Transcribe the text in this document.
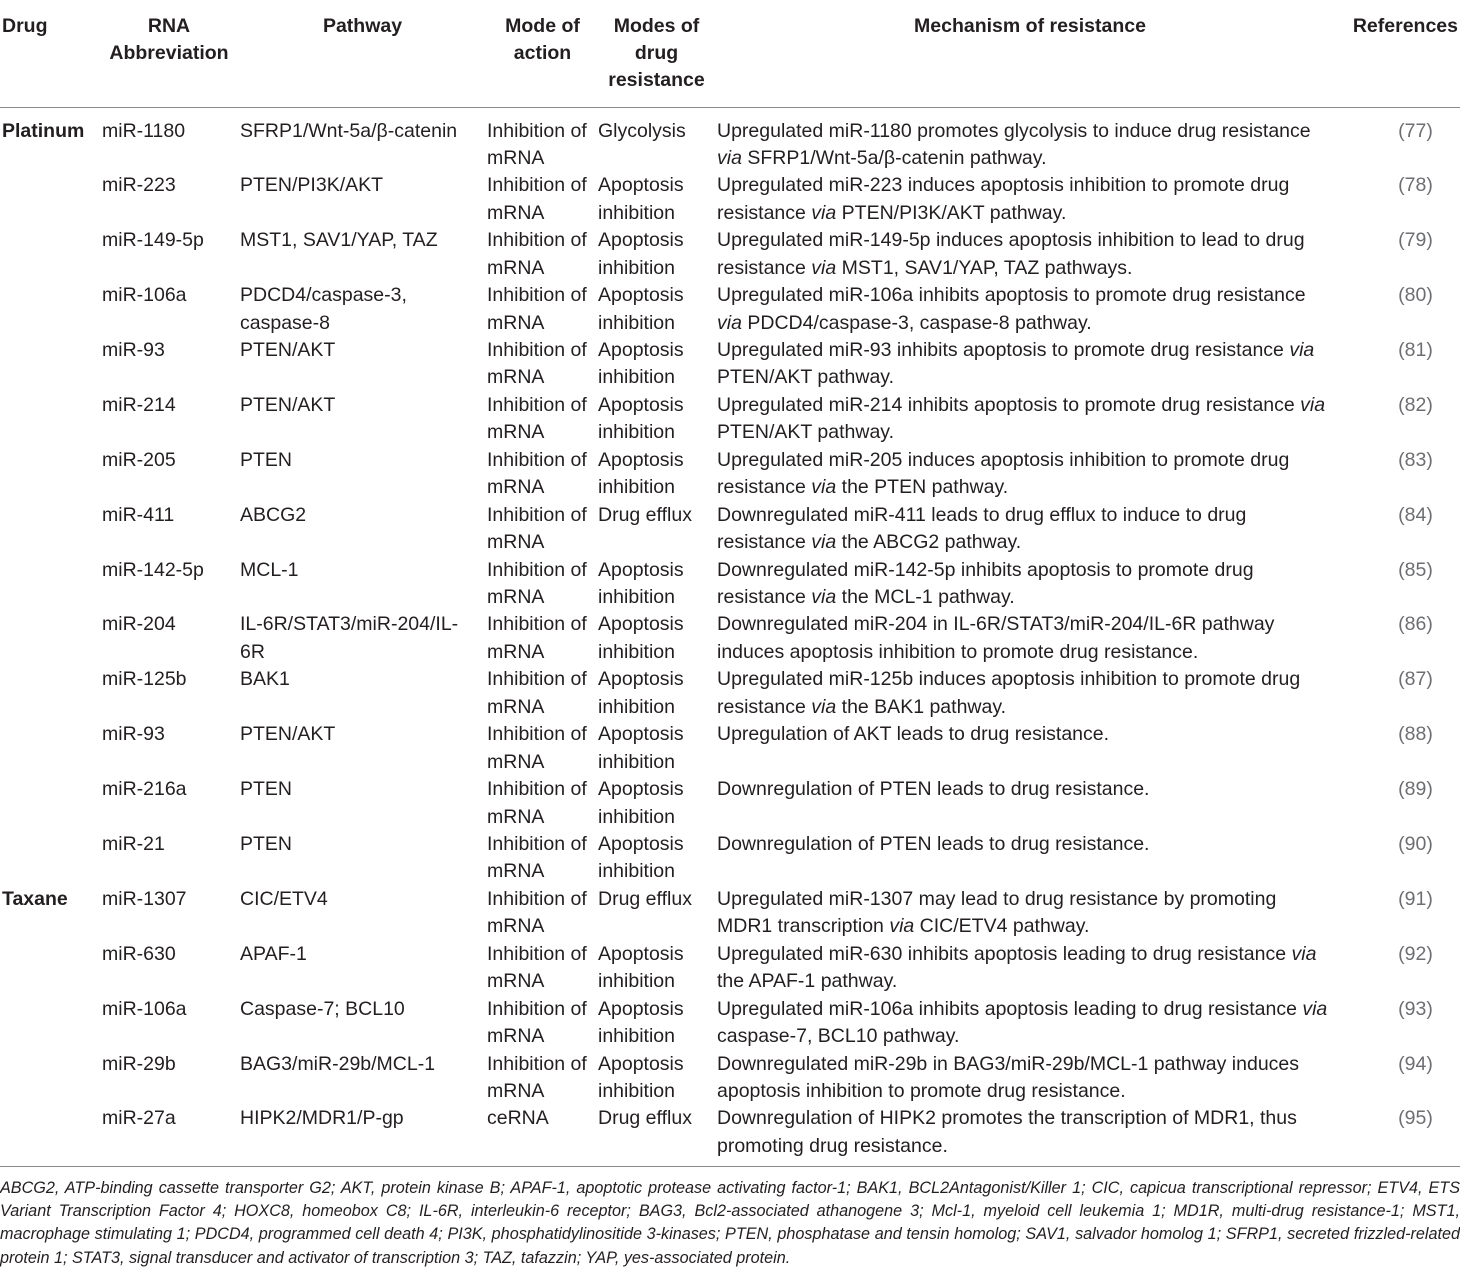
Drug	RNA Abbreviation	Pathway	Mode of action	Modes of drug resistance	Mechanism of resistance	References
Platinum	miR-1180	SFRP1/Wnt-5a/β-catenin	Inhibition of mRNA	Glycolysis	Upregulated miR-1180 promotes glycolysis to induce drug resistance via SFRP1/Wnt-5a/β-catenin pathway.	(77)
	miR-223	PTEN/PI3K/AKT	Inhibition of mRNA	Apoptosis inhibition	Upregulated miR-223 induces apoptosis inhibition to promote drug resistance via PTEN/PI3K/AKT pathway.	(78)
	miR-149-5p	MST1, SAV1/YAP, TAZ	Inhibition of mRNA	Apoptosis inhibition	Upregulated miR-149-5p induces apoptosis inhibition to lead to drug resistance via MST1, SAV1/YAP, TAZ pathways.	(79)
	miR-106a	PDCD4/caspase-3, caspase-8	Inhibition of mRNA	Apoptosis inhibition	Upregulated miR-106a inhibits apoptosis to promote drug resistance via PDCD4/caspase-3, caspase-8 pathway.	(80)
	miR-93	PTEN/AKT	Inhibition of mRNA	Apoptosis inhibition	Upregulated miR-93 inhibits apoptosis to promote drug resistance via PTEN/AKT pathway.	(81)
	miR-214	PTEN/AKT	Inhibition of mRNA	Apoptosis inhibition	Upregulated miR-214 inhibits apoptosis to promote drug resistance via PTEN/AKT pathway.	(82)
	miR-205	PTEN	Inhibition of mRNA	Apoptosis inhibition	Upregulated miR-205 induces apoptosis inhibition to promote drug resistance via the PTEN pathway.	(83)
	miR-411	ABCG2	Inhibition of mRNA	Drug efflux	Downregulated miR-411 leads to drug efflux to induce to drug resistance via the ABCG2 pathway.	(84)
	miR-142-5p	MCL-1	Inhibition of mRNA	Apoptosis inhibition	Downregulated miR-142-5p inhibits apoptosis to promote drug resistance via the MCL-1 pathway.	(85)
	miR-204	IL-6R/STAT3/miR-204/IL-6R	Inhibition of mRNA	Apoptosis inhibition	Downregulated miR-204 in IL-6R/STAT3/miR-204/IL-6R pathway induces apoptosis inhibition to promote drug resistance.	(86)
	miR-125b	BAK1	Inhibition of mRNA	Apoptosis inhibition	Upregulated miR-125b induces apoptosis inhibition to promote drug resistance via the BAK1 pathway.	(87)
	miR-93	PTEN/AKT	Inhibition of mRNA	Apoptosis inhibition	Upregulation of AKT leads to drug resistance.	(88)
	miR-216a	PTEN	Inhibition of mRNA	Apoptosis inhibition	Downregulation of PTEN leads to drug resistance.	(89)
	miR-21	PTEN	Inhibition of mRNA	Apoptosis inhibition	Downregulation of PTEN leads to drug resistance.	(90)
Taxane	miR-1307	CIC/ETV4	Inhibition of mRNA	Drug efflux	Upregulated miR-1307 may lead to drug resistance by promoting MDR1 transcription via CIC/ETV4 pathway.	(91)
	miR-630	APAF-1	Inhibition of mRNA	Apoptosis inhibition	Upregulated miR-630 inhibits apoptosis leading to drug resistance via the APAF-1 pathway.	(92)
	miR-106a	Caspase-7; BCL10	Inhibition of mRNA	Apoptosis inhibition	Upregulated miR-106a inhibits apoptosis leading to drug resistance via caspase-7, BCL10 pathway.	(93)
	miR-29b	BAG3/miR-29b/MCL-1	Inhibition of mRNA	Apoptosis inhibition	Downregulated miR-29b in BAG3/miR-29b/MCL-1 pathway induces apoptosis inhibition to promote drug resistance.	(94)
	miR-27a	HIPK2/MDR1/P-gp	ceRNA	Drug efflux	Downregulation of HIPK2 promotes the transcription of MDR1, thus promoting drug resistance.	(95)
ABCG2, ATP-binding cassette transporter G2; AKT, protein kinase B; APAF-1, apoptotic protease activating factor-1; BAK1, BCL2Antagonist/Killer 1; CIC, capicua transcriptional repressor; ETV4, ETS Variant Transcription Factor 4; HOXC8, homeobox C8; IL-6R, interleukin-6 receptor; BAG3, Bcl2-associated athanogene 3; Mcl-1, myeloid cell leukemia 1; MD1R, multi-drug resistance-1; MST1, macrophage stimulating 1; PDCD4, programmed cell death 4; PI3K, phosphatidylinositide 3-kinases; PTEN, phosphatase and tensin homolog; SAV1, salvador homolog 1; SFRP1, secreted frizzled-related protein 1; STAT3, signal transducer and activator of transcription 3; TAZ, tafazzin; YAP, yes-associated protein.
